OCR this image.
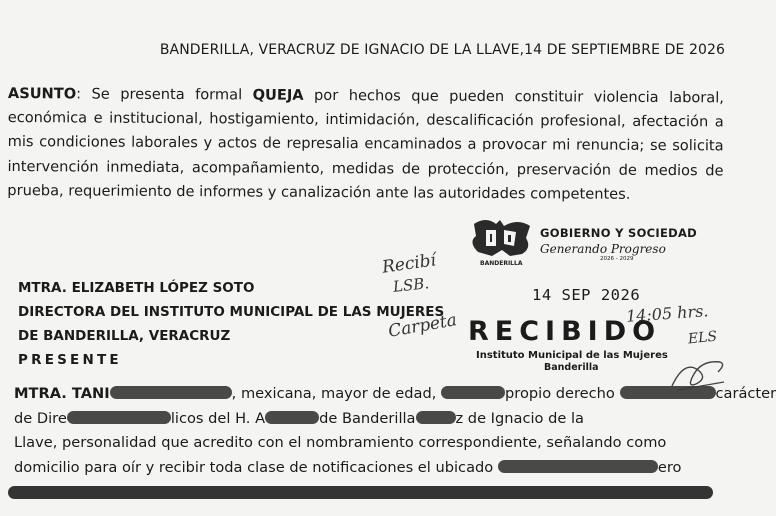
BANDERILLA, VERACRUZ DE IGNACIO DE LA LLAVE,14 DE SEPTIEMBRE DE 2026
ASUNTO: Se presenta formal QUEJA por hechos que pueden constituir violencia laboral, económica e institucional, hostigamiento, intimidación, descalificación profesional, afectación a mis condiciones laborales y actos de represalia encaminados a provocar mi renuncia; se solicita intervención inmediata, acompañamiento, medidas de protección, preservación de medios de prueba, requerimiento de informes y canalización ante las autoridades competentes.
BANDERILLA
GOBIERNO Y SOCIEDAD
Generando Progreso
2026 - 2029
MTRA. ELIZABETH LÓPEZ SOTO
DIRECTORA DEL INSTITUTO MUNICIPAL DE LAS MUJERES
DE BANDERILLA, VERACRUZ
PRESENTE
Recibí
LSB.
Carpeta	14:05 hrs.
ELS
14 SEP 2026
RECIBIDO
Instituto Municipal de las Mujeres
Banderilla
MTRA. TANI	, mexicana, mayor de edad,	propio derecho	carácter
de Dire	licos del H. A	de Banderilla	z de Ignacio de la
Llave, personalidad que acredito con el nombramiento correspondiente, señalando como
domicilio para oír y recibir toda clase de notificaciones el ubicado	ero
